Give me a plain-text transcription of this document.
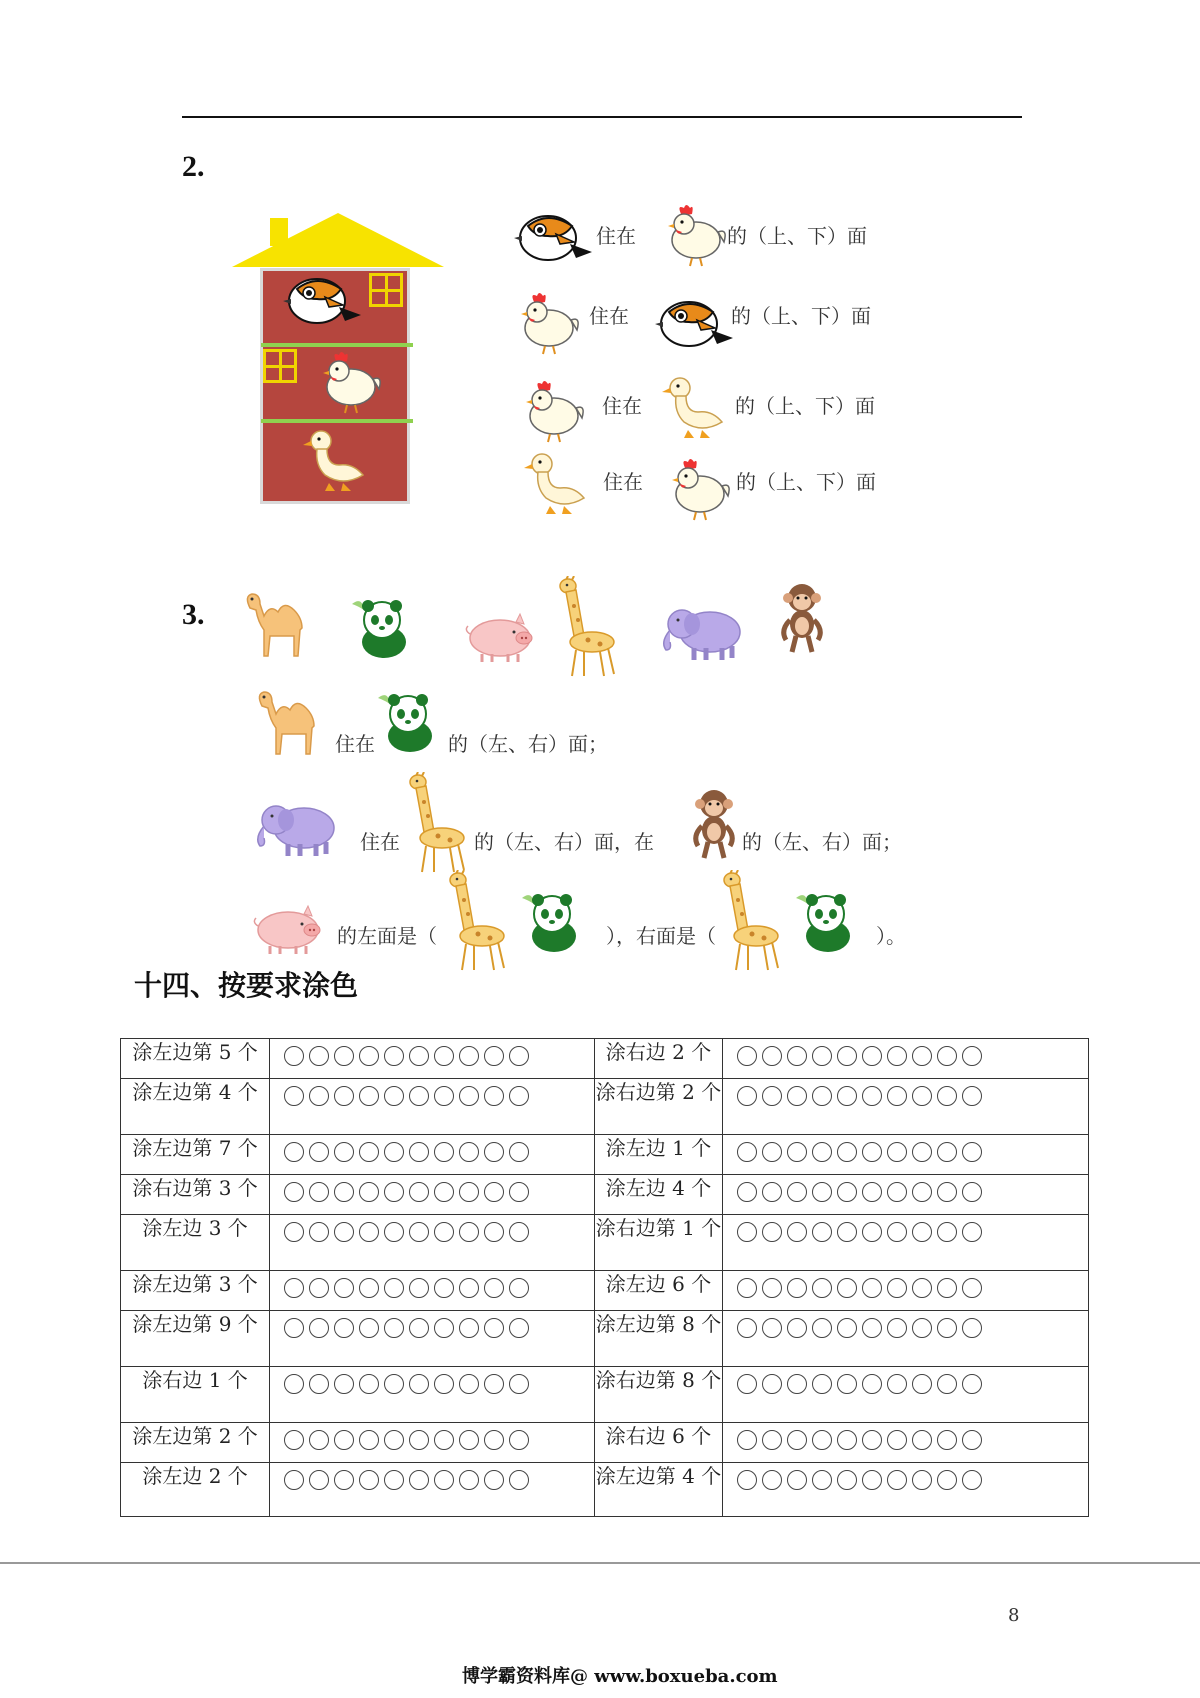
2.
住在	的（上、下）面
住在	的（上、下）面
住在	的（上、下）面
住在	的（上、下）面
3.
住在	的（左、右）面；
住在	的（左、右）面，在	的（左、右）面；
的左面是（	），右面是（	）。
十四、按要求涂色
涂左边第 5 个		涂右边 2 个	

涂左边第 4 个		涂右边第 2 个	

涂左边第 7 个		涂左边 1 个	

涂右边第 3 个		涂左边 4 个	

涂左边 3 个		涂右边第 1 个	

涂左边第 3 个		涂左边 6 个	

涂左边第 9 个		涂左边第 8 个	

涂右边 1 个		涂右边第 8 个	

涂左边第 2 个		涂右边 6 个	

涂左边 2 个		涂左边第 4 个	
8
博学霸资料库@ www.boxueba.com
